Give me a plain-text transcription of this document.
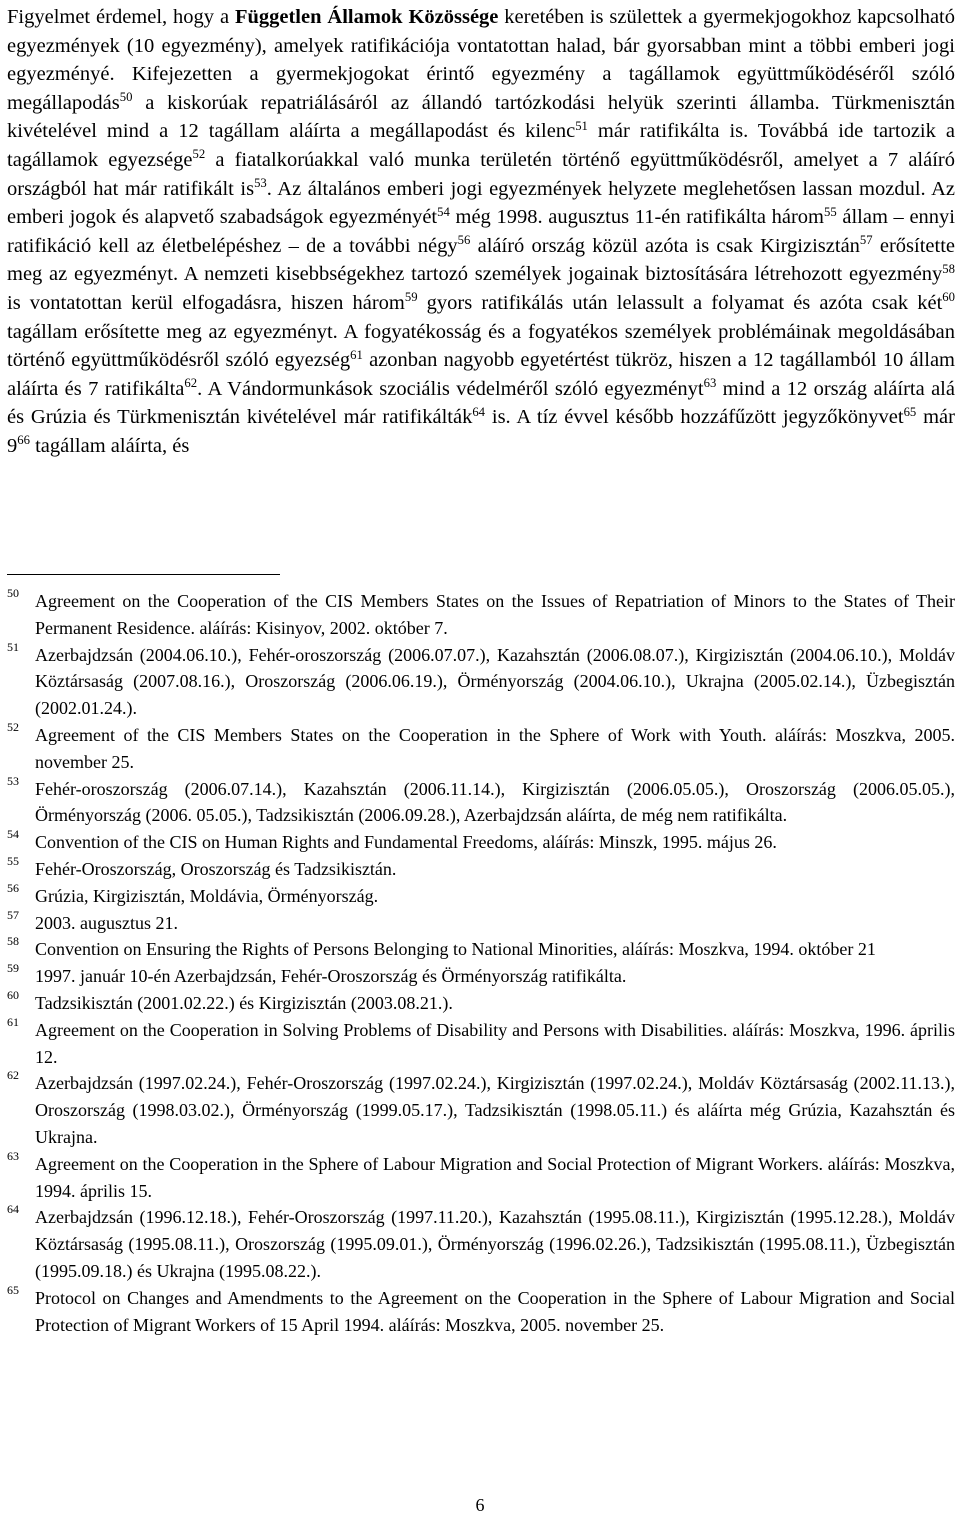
Figyelmet érdemel, hogy a Független Államok Közössége keretében is születtek a gyermekjogokhoz kapcsolható egyezmények (10 egyezmény), amelyek ratifikációja vontatottan halad, bár gyorsabban mint a többi emberi jogi egyezményé. Kifejezetten a gyermekjogokat érintő egyezmény a tagállamok együttműködéséről szóló megállapodás$^{50}$ a kiskorúak repatriálásáról az állandó tartózkodási helyük szerinti államba. Türkmenisztán kivételével mind a 12 tagállam aláírta a megállapodást és kilenc$^{51}$ már ratifikálta is. Továbbá ide tartozik a tagállamok egyezsége$^{52}$ a fiatalkorúakkal való munka területén történő együttműködésről, amelyet a 7 aláíró országból hat már ratifikált $is^{53}$. Az általános emberi jogi egyezmények helyzete meglehetősen lassan mozdul. Az emberi jogok és alapvető szabadságok egyezményét$^{54}$ még 1998. augusztus 11-én ratifikálta három$^{55}$ állam – ennyi ratifikáció kell az életbelépéshez – de a további négy$^{56}$ aláíró ország közül azóta is csak Kirgizisztán$^{57}$ erősítette meg az egyezményt. A nemzeti kisebbségekhez tartozó személyek jogainak biztosítására létrehozott egyezmény$^{58}$ is vontatottan kerül elfogadásra, hiszen három$^{59}$ gyors ratifikálás után lelassult a folyamat és azóta csak két$^{60}$ tagállam erősítette meg az egyezményt. A fogyatékosság és a fogyatékos személyek problémáinak megoldásában történő együttműködésről szóló egyezség$^{61}$ azonban nagyobb egyetértést tükröz, hiszen a 12 tagállamból 10 állam aláírta és 7 ratifikálta$^{62}$. A Vándormunkások szociális védelméről szóló egyezményt$^{63}$ mind a 12 ország aláírta alá és Grúzia és Türkmenisztán kivételével már ratifikálták$^{64}$ is. A tíz évvel később hozzáfűzött jegyzőkönyvet$^{65}$ már $9^{66}$ tagállam aláírta, és

50 Agreement on the Cooperation of the CIS Members States on the Issues of Repatriation of Minors to the States of Their Permanent Residence. aláírás: Kisinyov, 2002. október 7.

51 Azerbajdzsán (2004.06.10.), Fehér-oroszország (2006.07.07.), Kazahsztán (2006.08.07.), Kirgizisztán (2004.06.10.), Moldáv Köztársaság (2007.08.16.), Oroszország (2006.06.19.), Örményország (2004.06.10.), Ukrajna (2005.02.14.), Üzbegisztán (2002.01.24.).

52 Agreement of the CIS Members States on the Cooperation in the Sphere of Work with Youth. aláírás: Moszkva, 2005. november 25.

53 Fehér-oroszország (2006.07.14.), Kazahsztán (2006.11.14.), Kirgizisztán (2006.05.05.), Oroszország (2006.05.05.), Örményország (2006. 05.05.), Tadzsikisztán (2006.09.28.), Azerbajdzsán aláírta, de még nem ratifikálta.

54 Convention of the CIS on Human Rights and Fundamental Freedoms, aláírás: Minszk, 1995. május 26.

55 Fehér-Oroszország, Oroszország és Tadzsikisztán.

56 Grúzia, Kirgizisztán, Moldávia, Örményország.

57 2003. augusztus 21.

58 Convention on Ensuring the Rights of Persons Belonging to National Minorities, aláírás: Moszkva, 1994. október 21

59 1997. január 10-én Azerbajdzsán, Fehér-Oroszország és Örményország ratifikálta.

60 Tadzsikisztán (2001.02.22.) és Kirgizisztán (2003.08.21.).

61 Agreement on the Cooperation in Solving Problems of Disability and Persons with Disabilities. aláírás: Moszkva, 1996. április 12.

62 Azerbajdzsán (1997.02.24.), Fehér-Oroszország (1997.02.24.), Kirgizisztán (1997.02.24.), Moldáv Köztársaság (2002.11.13.), Oroszország (1998.03.02.), Örményország (1999.05.17.), Tadzsikisztán (1998.05.11.) és aláírta még Grúzia, Kazahsztán és Ukrajna.

63 Agreement on the Cooperation in the Sphere of Labour Migration and Social Protection of Migrant Workers. aláírás: Moszkva, 1994. április 15.

64 Azerbajdzsán (1996.12.18.), Fehér-Oroszország (1997.11.20.), Kazahsztán (1995.08.11.), Kirgizisztán (1995.12.28.), Moldáv Köztársaság (1995.08.11.), Oroszország (1995.09.01.), Örményország (1996.02.26.), Tadzsikisztán (1995.08.11.), Üzbegisztán (1995.09.18.) és Ukrajna (1995.08.22.).

65 Protocol on Changes and Amendments to the Agreement on the Cooperation in the Sphere of Labour Migration and Social Protection of Migrant Workers of 15 April 1994. aláírás: Moszkva, 2005. november 25.

6
